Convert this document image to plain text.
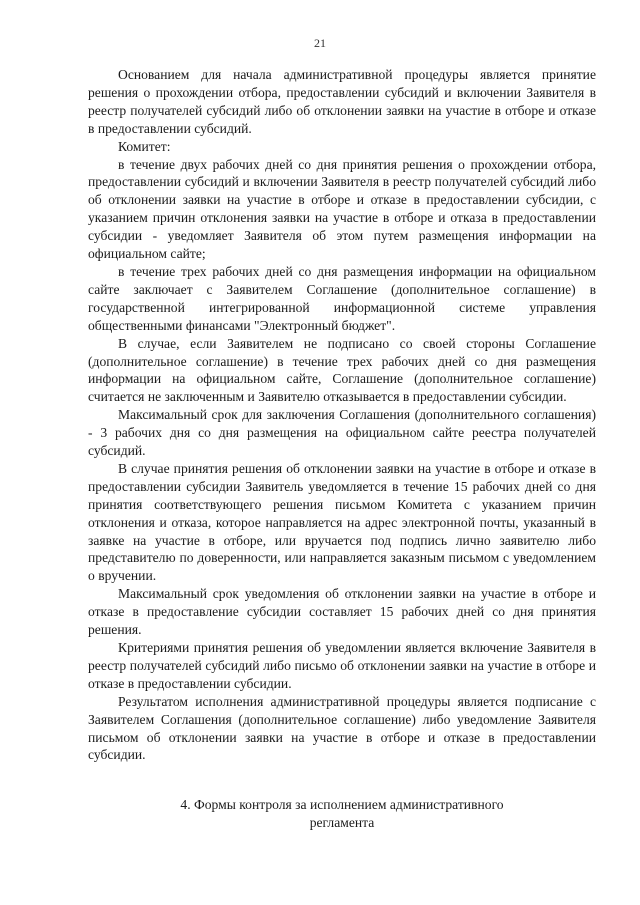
21

Основанием для начала административной процедуры является принятие решения о прохождении отбора, предоставлении субсидий и включении Заявителя в реестр получателей субсидий либо об отклонении заявки на участие в отборе и отказе в предоставлении субсидий.

Комитет:

в течение двух рабочих дней со дня принятия решения о прохождении отбора, предоставлении субсидий и включении Заявителя в реестр получателей субсидий либо об отклонении заявки на участие в отборе и отказе в предоставлении субсидии, с указанием причин отклонения заявки на участие в отборе и отказа в предоставлении субсидии - уведомляет Заявителя об этом путем размещения информации на официальном сайте;

в течение трех рабочих дней со дня размещения информации на официальном сайте заключает с Заявителем Соглашение (дополнительное соглашение) в государственной интегрированной информационной системе управления общественными финансами "Электронный бюджет".

В случае, если Заявителем не подписано со своей стороны Соглашение (дополнительное соглашение) в течение трех рабочих дней со дня размещения информации на официальном сайте, Соглашение (дополнительное соглашение) считается не заключенным и Заявителю отказывается в предоставлении субсидии.

Максимальный срок для заключения Соглашения (дополнительного соглашения) - 3 рабочих дня со дня размещения на официальном сайте реестра получателей субсидий.

В случае принятия решения об отклонении заявки на участие в отборе и отказе в предоставлении субсидии Заявитель уведомляется в течение 15 рабочих дней со дня принятия соответствующего решения письмом Комитета с указанием причин отклонения и отказа, которое направляется на адрес электронной почты, указанный в заявке на участие в отборе, или вручается под подпись лично заявителю либо представителю по доверенности, или направляется заказным письмом с уведомлением о вручении.

Максимальный срок уведомления об отклонении заявки на участие в отборе и отказе в предоставление субсидии составляет 15 рабочих дней со дня принятия решения.

Критериями принятия решения об уведомлении является включение Заявителя в реестр получателей субсидий либо письмо об отклонении заявки на участие в отборе и отказе в предоставлении субсидии.

Результатом исполнения административной процедуры является подписание с Заявителем Соглашения (дополнительное соглашение) либо уведомление Заявителя письмом об отклонении заявки на участие в отборе и отказе в предоставлении субсидии.

4. Формы контроля за исполнением административного
регламента
